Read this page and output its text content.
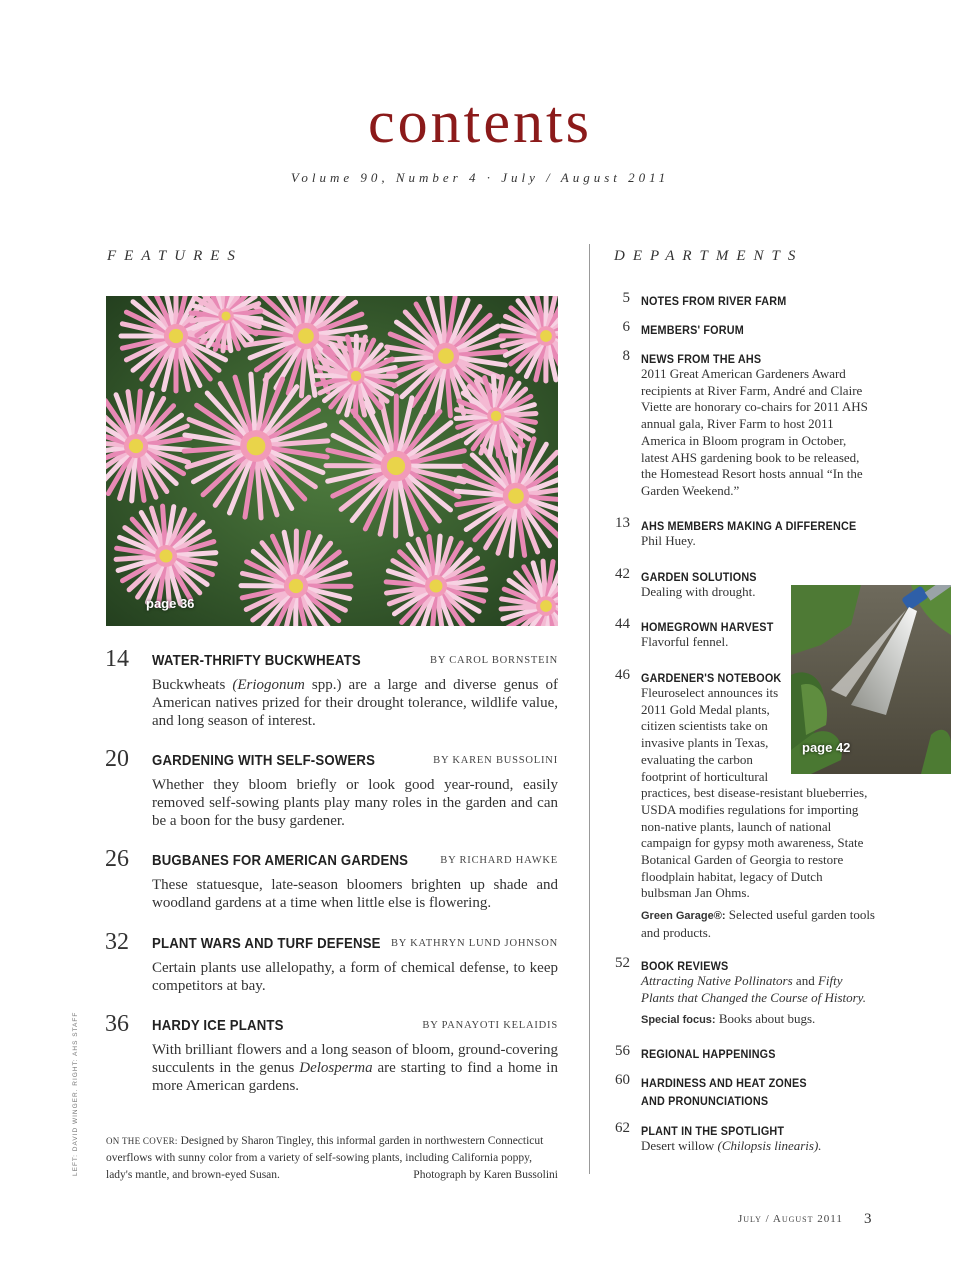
contents
Volume 90, Number 4 · July / August 2011
FEATURES	DEPARTMENTS
page 36
14 WATER-THRIFTY BUCKWHEATS	BY CAROL BORNSTEIN
Buckwheats (Eriogonum spp.) are a large and diverse genus of American natives prized for their drought tolerance, wildlife value, and long season of interest.
20 GARDENING WITH SELF-SOWERS	BY KAREN BUSSOLINI
Whether they bloom briefly or look good year-round, easily removed self-sowing plants play many roles in the garden and can be a boon for the busy gardener.
26 BUGBANES FOR AMERICAN GARDENS	BY RICHARD HAWKE
These statuesque, late-season bloomers brighten up shade and woodland gardens at a time when little else is flowering.
32 PLANT WARS AND TURF DEFENSE BY KATHRYN LUND JOHNSON
Certain plants use allelopathy, a form of chemical defense, to keep competitors at bay.
36 HARDY ICE PLANTS	BY PANAYOTI KELAIDIS
With brilliant flowers and a long season of bloom, ground-covering succulents in the genus Delosperma are starting to find a home in more American gardens.
ON THE COVER: Designed by Sharon Tingley, this informal garden in northwestern Connecticut overflows with sunny color from a variety of self-sowing plants, including California poppy, lady's mantle, and brown-eyed Susan.	Photograph by Karen Bussolini
LEFT: DAVID WINGER. RIGHT: AHS STAFF
5 NOTES FROM RIVER FARM
6 MEMBERS' FORUM
8 NEWS FROM THE AHS
2011 Great American Gardeners Award recipients at River Farm, André and Claire Viette are honorary co-chairs for 2011 AHS annual gala, River Farm to host 2011 America in Bloom program in October, latest AHS gardening book to be released, the Homestead Resort hosts annual “In the Garden Weekend.”
13 AHS MEMBERS MAKING A DIFFERENCE
Phil Huey.
42 GARDEN SOLUTIONS
Dealing with drought.
44 HOMEGROWN HARVEST
Flavorful fennel.
46 GARDENER'S NOTEBOOK
Fleuroselect announces its
2011 Gold Medal plants,
citizen scientists take on
invasive plants in Texas,
evaluating the carbon
footprint of horticultural
practices, best disease-resistant blueberries,
USDA modifies regulations for importing
non-native plants, launch of national
campaign for gypsy moth awareness, State
Botanical Garden of Georgia to restore
floodplain habitat, legacy of Dutch
bulbsman Jan Ohms.
Green Garage®: Selected useful garden tools and products.
52 BOOK REVIEWS
Attracting Native Pollinators and Fifty Plants that Changed the Course of History.
Special focus: Books about bugs.
56 REGIONAL HAPPENINGS
60 HARDINESS AND HEAT ZONES
AND PRONUNCIATIONS
62 PLANT IN THE SPOTLIGHT
Desert willow (Chilopsis linearis).
page 42
July / August 2011 3
